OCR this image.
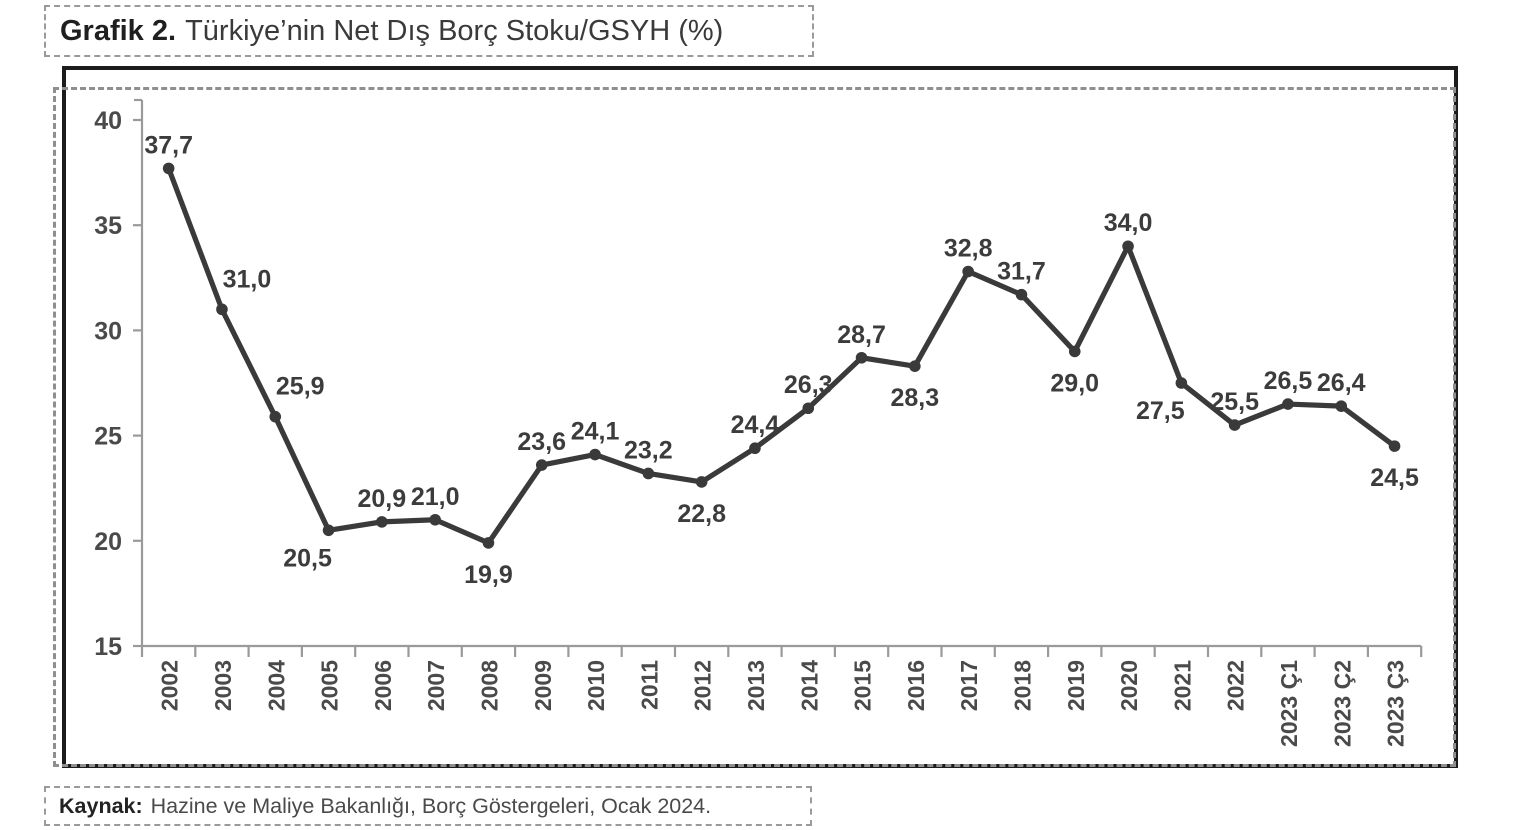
Grafik 2. Türkiye’nin Net Dış Borç Stoku/GSYH (%)
15
20
25
30
35
40
2002 2003 2004 2005 2006 2007 2008 2009 2010 2011 2012 2013 2014 2015 2016 2017 2018 2019 2020 2021 2022 2023 Ç1 2023 Ç2 2023 Ç3
37,7
31,0
25,9
20,5
20,9 21,0
19,9
23,6 24,1
23,2
22,8
24,4
26,3
28,7
28,3
32,8
31,7
29,0
34,0
27,5 25,5
26,5 26,4
24,5
Kaynak: Hazine ve Maliye Bakanlığı, Borç Göstergeleri, Ocak 2024.
